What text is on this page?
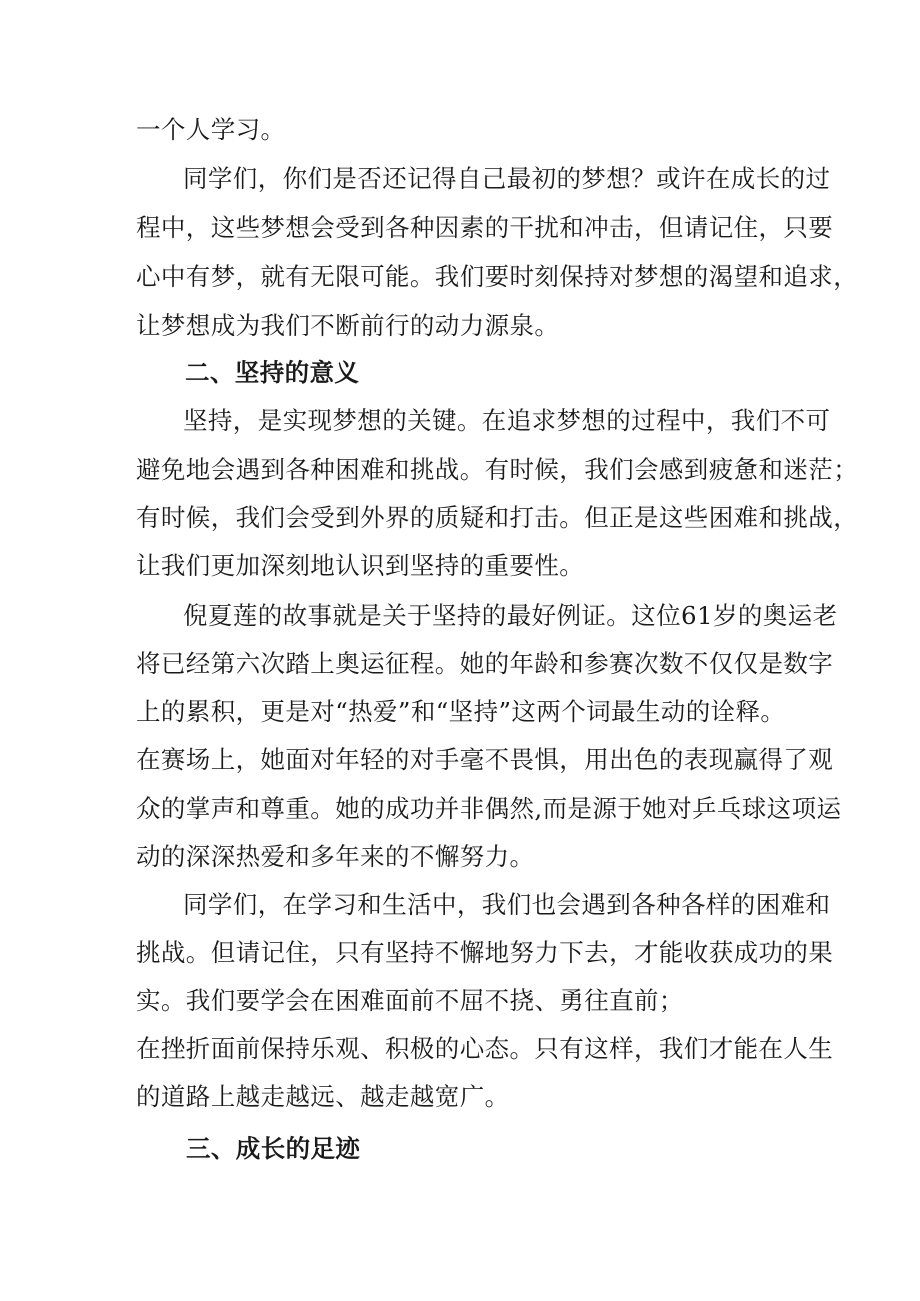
一个人学习。
同学们，你们是否还记得自己最初的梦想？或许在成长的过
程中，这些梦想会受到各种因素的干扰和冲击，但请记住，只要
心中有梦，就有无限可能。我们要时刻保持对梦想的渴望和追求，
让梦想成为我们不断前行的动力源泉。
二、坚持的意义
坚持，是实现梦想的关键。在追求梦想的过程中，我们不可
避免地会遇到各种困难和挑战。有时候，我们会感到疲惫和迷茫；
有时候，我们会受到外界的质疑和打击。但正是这些困难和挑战，
让我们更加深刻地认识到坚持的重要性。
倪夏莲的故事就是关于坚持的最好例证。这位61岁的奥运老
将已经第六次踏上奥运征程。她的年龄和参赛次数不仅仅是数字
上的累积，更是对“热爱”和“坚持”这两个词最生动的诠释。
在赛场上，她面对年轻的对手毫不畏惧，用出色的表现赢得了观
众的掌声和尊重。她的成功并非偶然,而是源于她对乒乓球这项运
动的深深热爱和多年来的不懈努力。
同学们，在学习和生活中，我们也会遇到各种各样的困难和
挑战。但请记住，只有坚持不懈地努力下去，才能收获成功的果
实。我们要学会在困难面前不屈不挠、勇往直前；
在挫折面前保持乐观、积极的心态。只有这样，我们才能在人生
的道路上越走越远、越走越宽广。
三、成长的足迹
